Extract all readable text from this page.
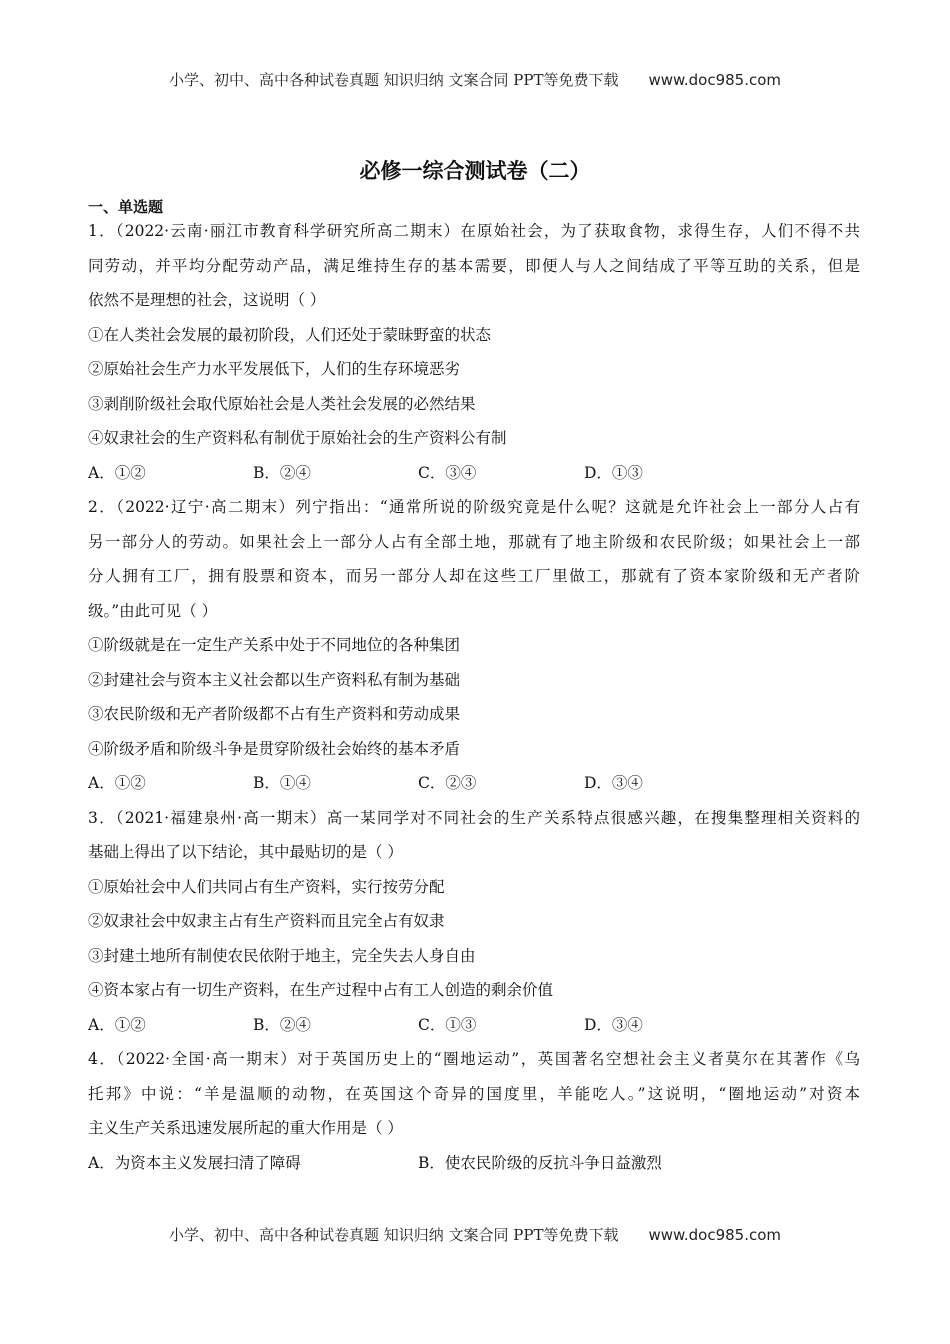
小学、初中、高中各种试卷真题 知识归纳 文案合同 PPT等免费下载 www.doc985.com
必修一综合测试卷（二）
一、单选题
1．（2022·云南·丽江市教育科学研究所高二期末）在原始社会，为了获取食物，求得生存，人们不得不共
同劳动，并平均分配劳动产品，满足维持生存的基本需要，即便人与人之间结成了平等互助的关系，但是
依然不是理想的社会，这说明（ ）
①在人类社会发展的最初阶段，人们还处于蒙昧野蛮的状态
②原始社会生产力水平发展低下，人们的生存环境恶劣
③剥削阶级社会取代原始社会是人类社会发展的必然结果
④奴隶社会的生产资料私有制优于原始社会的生产资料公有制
A．①②	B．②④	C．③④	D．①③
2．（2022·辽宁·高二期末）列宁指出：“通常所说的阶级究竟是什么呢？这就是允许社会上一部分人占有
另一部分人的劳动。如果社会上一部分人占有全部土地，那就有了地主阶级和农民阶级；如果社会上一部
分人拥有工厂，拥有股票和资本，而另一部分人却在这些工厂里做工，那就有了资本家阶级和无产者阶
级。”由此可见（ ）
①阶级就是在一定生产关系中处于不同地位的各种集团
②封建社会与资本主义社会都以生产资料私有制为基础
③农民阶级和无产者阶级都不占有生产资料和劳动成果
④阶级矛盾和阶级斗争是贯穿阶级社会始终的基本矛盾
A．①②	B．①④	C．②③	D．③④
3．（2021·福建泉州·高一期末）高一某同学对不同社会的生产关系特点很感兴趣，在搜集整理相关资料的
基础上得出了以下结论，其中最贴切的是（ ）
①原始社会中人们共同占有生产资料，实行按劳分配
②奴隶社会中奴隶主占有生产资料而且完全占有奴隶
③封建土地所有制使农民依附于地主，完全失去人身自由
④资本家占有一切生产资料，在生产过程中占有工人创造的剩余价值
A．①②	B．②④	C．①③	D．③④
4．（2022·全国·高一期末）对于英国历史上的“圈地运动”，英国著名空想社会主义者莫尔在其著作《乌
托邦》中说：“羊是温顺的动物，在英国这个奇异的国度里，羊能吃人。”这说明，“圈地运动”对资本
主义生产关系迅速发展所起的重大作用是（ ）
A．为资本主义发展扫清了障碍	B．使农民阶级的反抗斗争日益激烈
小学、初中、高中各种试卷真题 知识归纳 文案合同 PPT等免费下载 www.doc985.com
